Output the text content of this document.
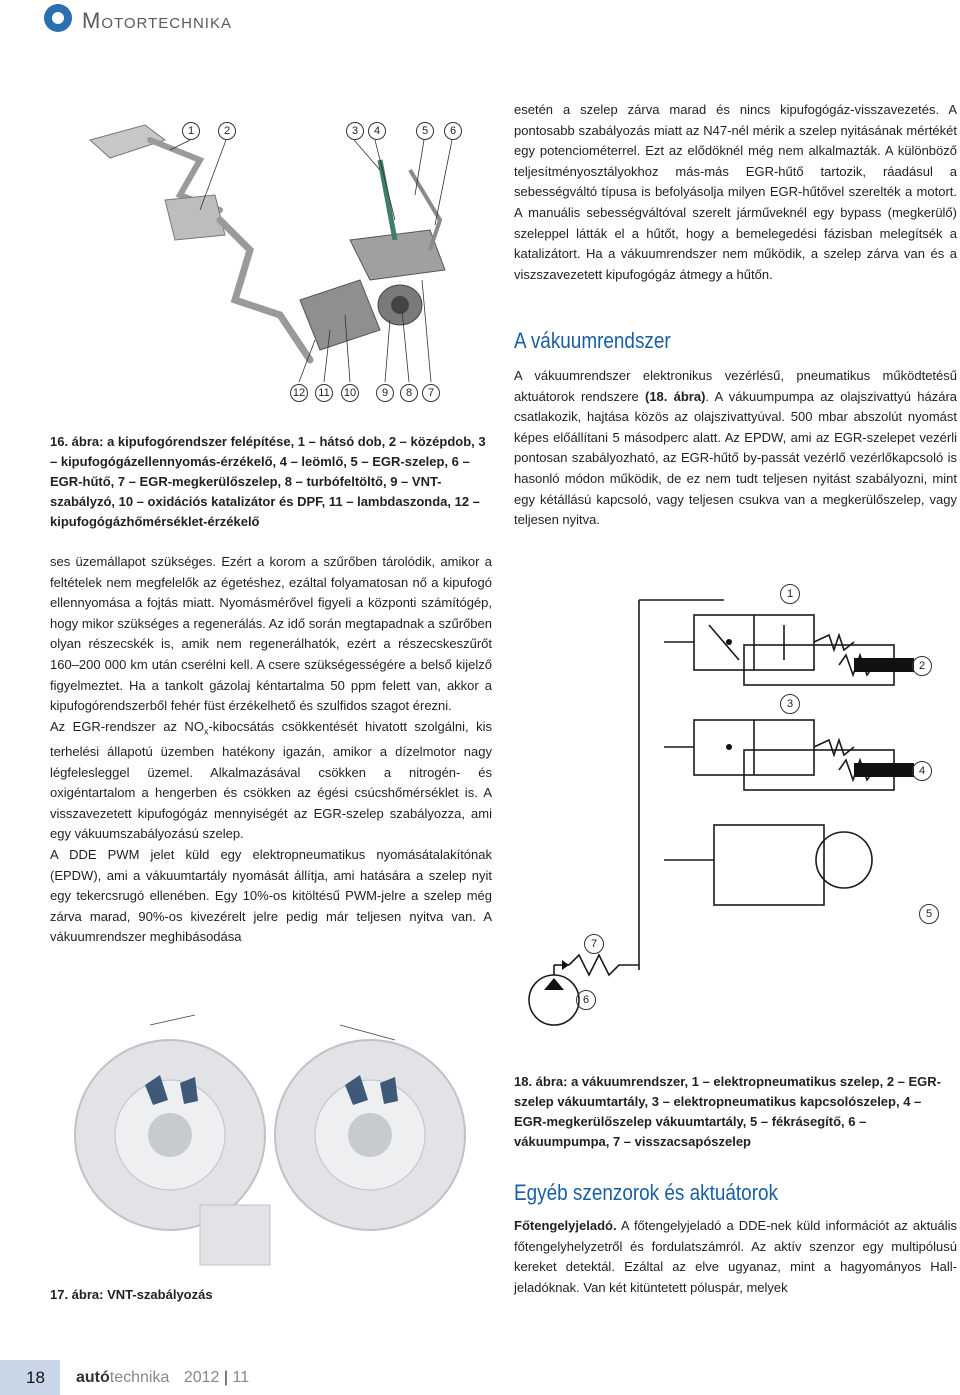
Motortechnika
1	2	3	4	5	6
12 11 10	9	8	7
16. ábra: a kipufogórendszer felépítése, 1 – hátsó dob, 2 – középdob, 3 – kipufogógázellennyomás-érzékelő, 4 – leömlő, 5 – EGR-szelep, 6 – EGR-hűtő, 7 – EGR-megkerülőszelep, 8 – turbófeltöltő, 9 – VNT-szabályzó, 10 – oxidációs katalizátor és DPF, 11 – lambdaszonda, 12 – kipufogógázhőmérséklet-érzékelő

ses üzemállapot szükséges. Ezért a korom a szűrőben tárolódik, amikor a feltételek nem megfelelők az égetéshez, ezáltal folyamatosan nő a kipufogó ellennyomása a fojtás miatt. Nyomásmérővel figyeli a központi számítógép, hogy mikor szükséges a regenerálás. Az idő során megtapadnak a szűrőben olyan részecskék is, amik nem regenerálhatók, ezért a részecskeszűrőt 160–200 000 km után cserélni kell. A csere szükségességére a belső kijelző figyelmeztet. Ha a tankolt gázolaj kéntartalma 50 ppm felett van, akkor a kipufogórendszerből fehér füst érzékelhető és szulfidos szagot érezni.

Az EGR-rendszer az $NO_x$-kibocsátás csökkentését hivatott szolgálni, kis terhelési állapotú üzemben hatékony igazán, amikor a dízelmotor nagy légfelesleggel üzemel. Alkalmazásával csökken a nitrogén- és oxigéntartalom a hengerben és csökken az égési csúcshőmérséklet is. A visszavezetett kipufogógáz mennyiségét az EGR-szelep szabályozza, ami egy vákuumszabályozású szelep.

A DDE PWM jelet küld egy elektropneumatikus nyomásátalakítónak (EPDW), ami a vákuumtartály nyomását állítja, ami hatására a szelep nyit egy tekercsrugó ellenében. Egy 10%-os kitöltésű PWM-jelre a szelep még zárva marad, 90%-os kivezérelt jelre pedig már teljesen nyitva van. A vákuumrendszer meghibásodása

17. ábra: VNT-szabályozás
esetén a szelep zárva marad és nincs kipufogógáz-visszavezetés. A pontosabb szabályozás miatt az N47-nél mérik a szelep nyitásának mértékét egy potenciométerrel. Ezt az elődöknél még nem alkalmazták. A különböző teljesítményosztályokhoz más-más EGR-hűtő tartozik, ráadásul a sebességváltó típusa is befolyásolja milyen EGR-hűtővel szerelték a motort. A manuális sebességváltóval szerelt járműveknél egy bypass (megkerülő) szeleppel látták el a hűtőt, hogy a bemelegedési fázisban melegítsék a katalizátort. Ha a vákuumrendszer nem működik, a szelep zárva van és a viszszavezetett kipufogógáz átmegy a hűtőn.
A vákuumrendszer
A vákuumrendszer elektronikus vezérlésű, pneumatikus működtetésű aktuátorok rendszere (18. ábra). A vákuumpumpa az olajszivattyú házára csatlakozik, hajtása közös az olajszivattyúval. 500 mbar abszolút nyomást képes előállítani 5 másodperc alatt. Az EPDW, ami az EGR-szelepet vezérli pontosan szabályozható, az EGR-hűtő by-passát vezérlő vezérlőkapcsoló is hasonló módon működik, de ez nem tudt teljesen nyitást szabályozni, mint egy kétállású kapcsoló, vagy teljesen csukva van a megkerülőszelep, vagy teljesen nyitva.
1
2
3
4
5
7
6
18. ábra: a vákuumrendszer, 1 – elektropneumatikus szelep, 2 – EGR-szelep vákuumtartály, 3 – elektropneumatikus kapcsolószelep, 4 – EGR-megkerülőszelep vákuumtartály, 5 – fékrásegítő, 6 – vákuumpumpa, 7 – visszacsapószelep
Egyéb szenzorok és aktuátorok
Főtengelyjeladó. A főtengelyjeladó a DDE-nek küld információt az aktuális főtengelyhelyzetről és fordulatszámról. Az aktív szenzor egy multipólusú kereket detektál. Ezáltal az elve ugyanaz, mint a hagyományos Hall-jeladóknak. Van két kitüntetett póluspár, melyek
18 autótechnika 2012 | 11
